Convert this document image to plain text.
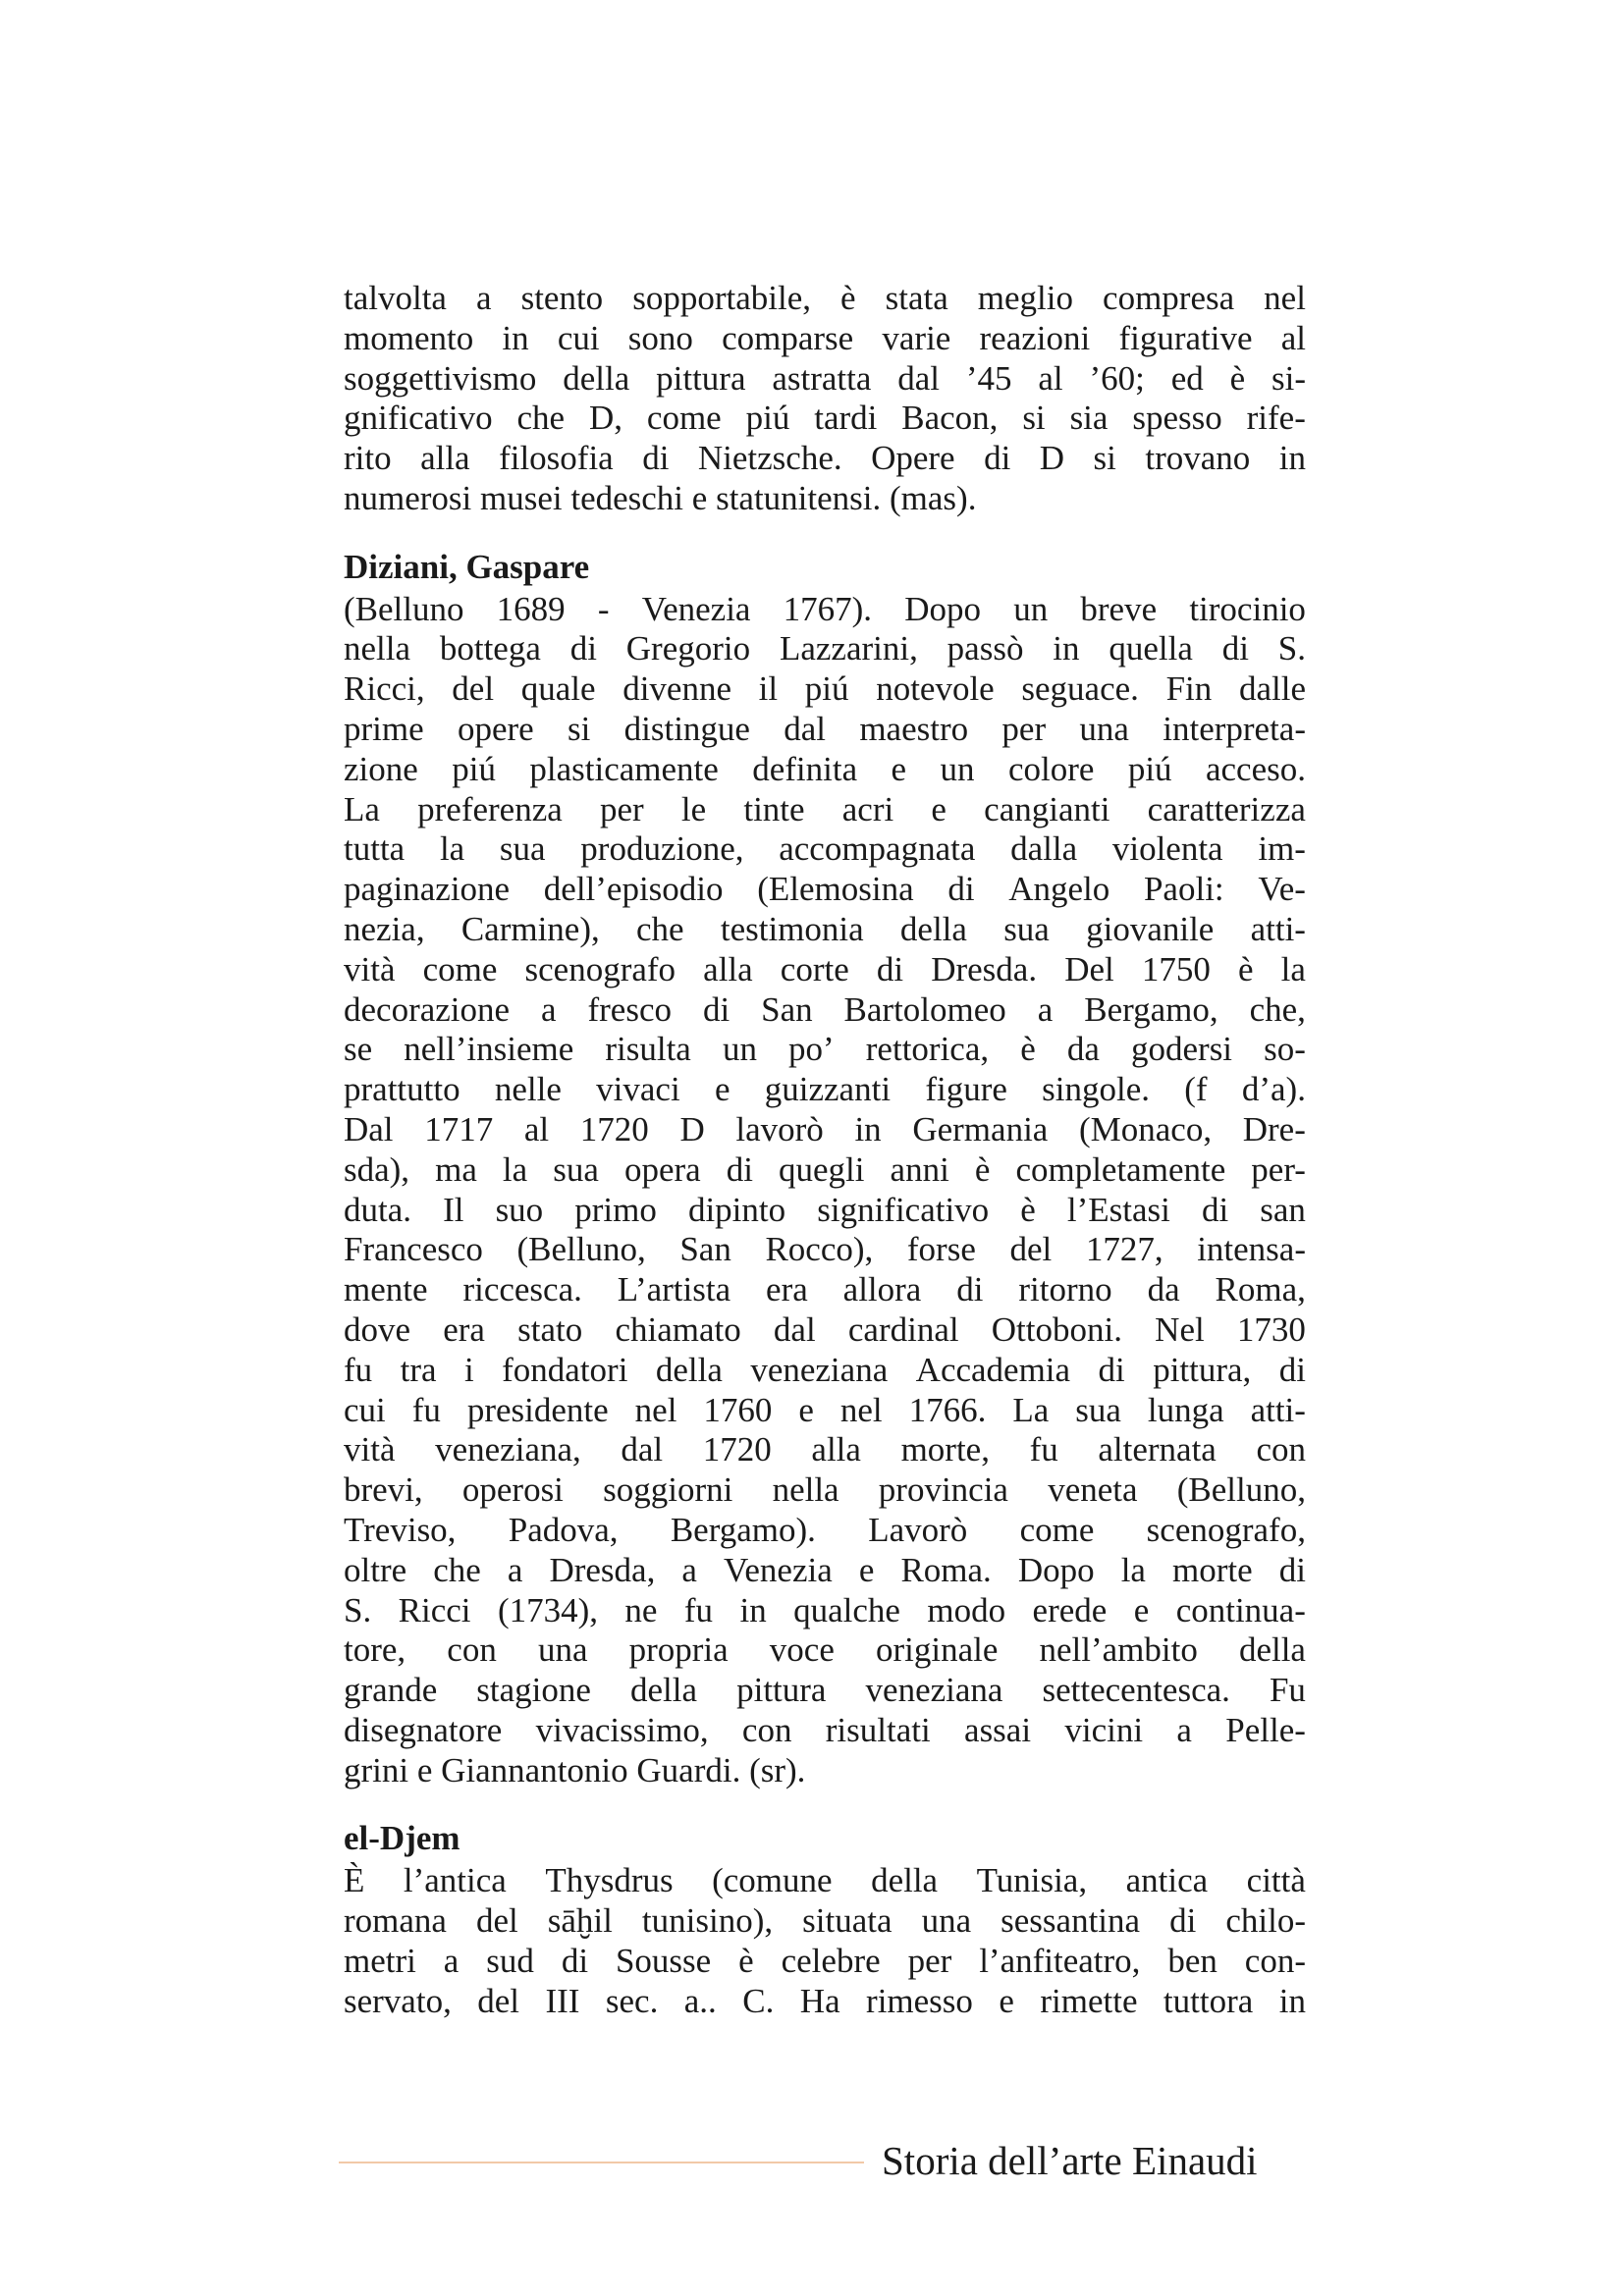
talvolta a stento sopportabile, è stata meglio compresa nel
momento in cui sono comparse varie reazioni figurative al
soggettivismo della pittura astratta dal ’45 al ’60; ed è si-
gnificativo che D, come piú tardi Bacon, si sia spesso rife-
rito alla filosofia di Nietzsche. Opere di D si trovano in
numerosi musei tedeschi e statunitensi. (mas).
Diziani, Gaspare
(Belluno 1689 - Venezia 1767). Dopo un breve tirocinio
nella bottega di Gregorio Lazzarini, passò in quella di S.
Ricci, del quale divenne il piú notevole seguace. Fin dalle
prime opere si distingue dal maestro per una interpreta-
zione piú plasticamente definita e un colore piú acceso.
La preferenza per le tinte acri e cangianti caratterizza
tutta la sua produzione, accompagnata dalla violenta im-
paginazione dell’episodio (Elemosina di Angelo Paoli: Ve-
nezia, Carmine), che testimonia della sua giovanile atti-
vità come scenografo alla corte di Dresda. Del 1750 è la
decorazione a fresco di San Bartolomeo a Bergamo, che,
se nell’insieme risulta un po’ rettorica, è da godersi so-
prattutto nelle vivaci e guizzanti figure singole. (f d’a).
Dal 1717 al 1720 D lavorò in Germania (Monaco, Dre-
sda), ma la sua opera di quegli anni è completamente per-
duta. Il suo primo dipinto significativo è l’Estasi di san
Francesco (Belluno, San Rocco), forse del 1727, intensa-
mente riccesca. L’artista era allora di ritorno da Roma,
dove era stato chiamato dal cardinal Ottoboni. Nel 1730
fu tra i fondatori della veneziana Accademia di pittura, di
cui fu presidente nel 1760 e nel 1766. La sua lunga atti-
vità veneziana, dal 1720 alla morte, fu alternata con
brevi, operosi soggiorni nella provincia veneta (Belluno,
Treviso, Padova, Bergamo). Lavorò come scenografo,
oltre che a Dresda, a Venezia e Roma. Dopo la morte di
S. Ricci (1734), ne fu in qualche modo erede e continua-
tore, con una propria voce originale nell’ambito della
grande stagione della pittura veneziana settecentesca. Fu
disegnatore vivacissimo, con risultati assai vicini a Pelle-
grini e Giannantonio Guardi. (sr).
el-Djem
È l’antica Thysdrus (comune della Tunisia, antica città
romana del sāḫil tunisino), situata una sessantina di chilo-
metri a sud di Sousse è celebre per l’anfiteatro, ben con-
servato, del III sec. a.. C. Ha rimesso e rimette tuttora in
Storia dell’arte Einaudi
